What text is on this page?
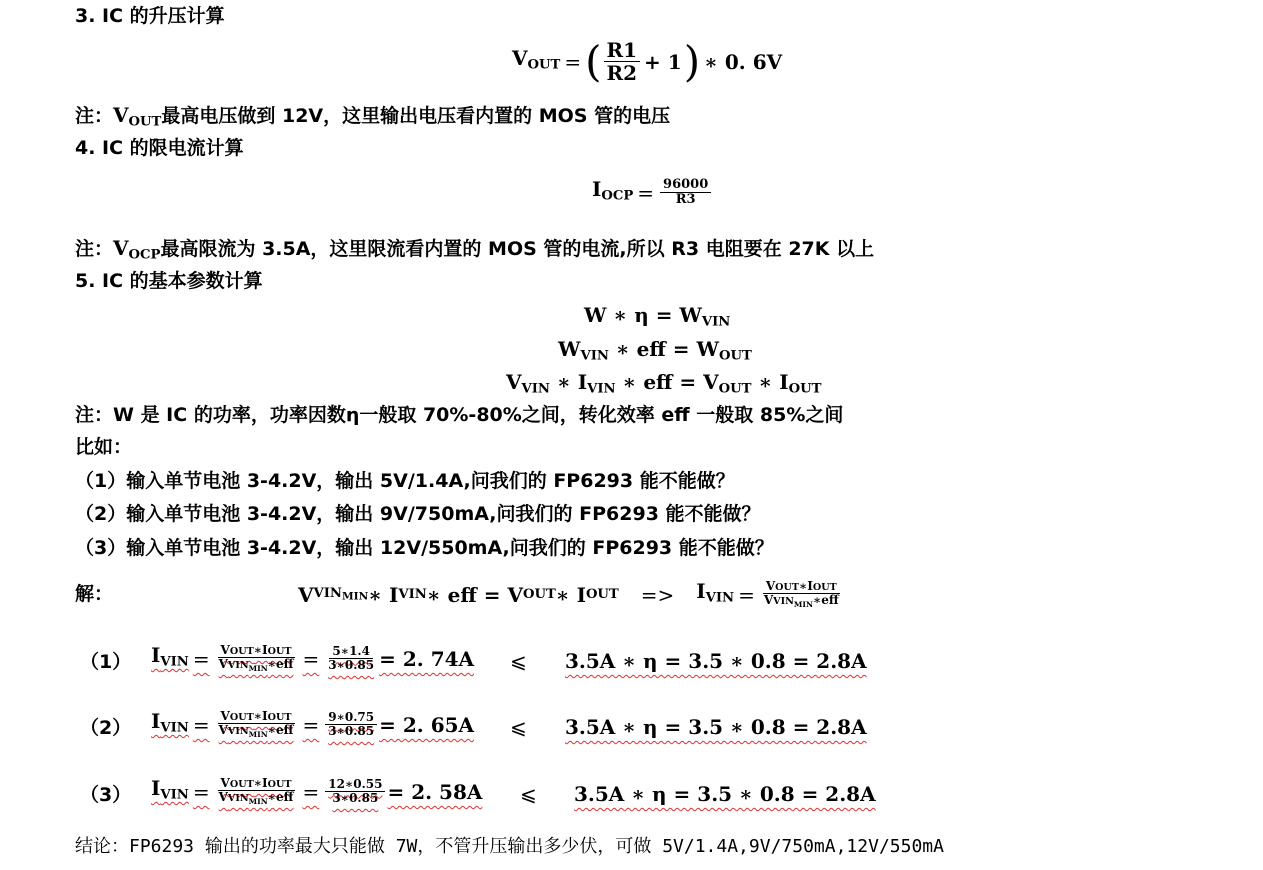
3. IC 的升压计算
$V_{OUT}$ = ( $\frac{R1}{R2} + 1$ ) ∗ 0. 6V
注：$V_{OUT}$最高电压做到 12V，这里输出电压看内置的 MOS 管的电压
4. IC 的限电流计算
$I_{OCP} = \frac{96000}{R3}$
注：$V_{OCP}$最高限流为 3.5A，这里限流看内置的 MOS 管的电流,所以 R3 电阻要在 27K 以上
5. IC 的基本参数计算
W ∗ $\eta = W_{VIN}$
$W_{VIN}$ ∗ eff = $W_{OUT}$
$V_{VIN}$ ∗ $I_{VIN}$ ∗ eff = $V_{OUT}$ ∗ $I_{OUT}$
注：W 是 IC 的功率，功率因数η一般取 70%-80%之间，转化效率 eff 一般取 85%之间
比如：
（1）输入单节电池 3-4.2V，输出 5V/1.4A,问我们的 FP6293 能不能做？
（2）输入单节电池 3-4.2V，输出 9V/750mA,问我们的 FP6293 能不能做？
（3）输入单节电池 3-4.2V，输出 12V/550mA,问我们的 FP6293 能不能做？
解：	V $VIN_{MIN}$ ∗ I VIN ∗ eff = V OUT ∗ I OUT	=>	$I_{VIN} = \frac{\text{VOUT∗IOUT}}{VVIN_{MIN}∗eff}$
（1） $I_{VIN} = \frac{\text{VOUT∗IOUT}}{VVIN_{MIN}∗eff} = \frac{5∗1.4}{3∗0.85} = 2$. 74A ⩽ 3.5A ∗ η = 3.5 ∗ 0.8 = 2.8A
（2） $I_{VIN} = \frac{\text{VOUT∗IOUT}}{VVIN_{MIN}∗eff} = \frac{9∗0.75}{3∗0.85} = 2$. 65A ⩽ 3.5A ∗ η = 3.5 ∗ 0.8 = 2.8A
（3） $I_{VIN} = \frac{\text{VOUT∗IOUT}}{VVIN_{MIN}∗eff} = \frac{12∗0.55}{3∗0.85} = 2$. 58A ⩽ 3.5A ∗ η = 3.5 ∗ 0.8 = 2.8A
结论：FP6293 输出的功率最大只能做 7W，不管升压输出多少伏，可做 5V/1.4A,9V/750mA,12V/550mA
